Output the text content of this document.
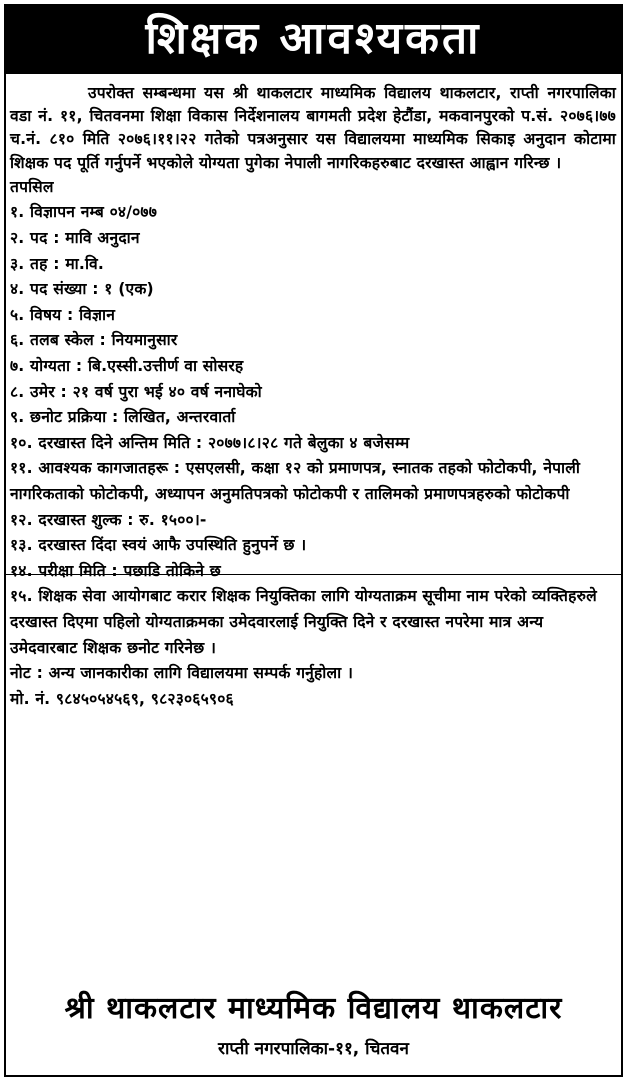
शिक्षक आवश्यकता

उपरोक्त सम्बन्धमा यस श्री थाकलटार माध्यमिक विद्यालय थाकलटार, राप्ती नगरपालिका वडा नं. ११, चितवनमा शिक्षा विकास निर्देशनालय बागमती प्रदेश हेटौंडा, मकवानपुरको प.सं. २०७६।७७ च.नं. ८१० मिति २०७६।११।२२ गतेको पत्रअनुसार यस विद्यालयमा माध्यमिक सिकाइ अनुदान कोटामा शिक्षक पद पूर्ति गर्नुपर्ने भएकोले योग्यता पुगेका नेपाली नागरिकहरुबाट दरखास्त आह्वान गरिन्छ ।

तपसिल

१. विज्ञापन नम्ब ०४/०७७

२. पद : मावि अनुदान

३. तह : मा.वि.

४. पद संख्या : १ (एक)

५. विषय : विज्ञान

६. तलब स्केल : नियमानुसार

७. योग्यता : बि.एस्सी.उत्तीर्ण वा सोसरह

८. उमेर : २१ वर्ष पुरा भई ४० वर्ष ननाघेको

९. छनोट प्रक्रिया : लिखित, अन्तरवार्ता

१०. दरखास्त दिने अन्तिम मिति : २०७७।८।२८ गते बेलुका ४ बजेसम्म

११. आवश्यक कागजातहरू : एसएलसी, कक्षा १२ को प्रमाणपत्र, स्नातक तहको फोटोकपी, नेपाली नागरिकताको फोटोकपी, अध्यापन अनुमतिपत्रको फोटोकपी र तालिमको प्रमाणपत्रहरुको फोटोकपी

१२. दरखास्त शुल्क : रु. १५००।-

१३. दरखास्त दिंदा स्वयं आफै उपस्थिति हुनुपर्ने छ ।

१४. परीक्षा मिति : पछाडि तोकिने छ

१५. शिक्षक सेवा आयोगबाट करार शिक्षक नियुक्तिका लागि योग्यताक्रम सूचीमा नाम परेको व्यक्तिहरुले दरखास्त दिएमा पहिलो योग्यताक्रमका उमेदवारलाई नियुक्ति दिने र दरखास्त नपरेमा मात्र अन्य उमेदवारबाट शिक्षक छनोट गरिनेछ ।

नोट : अन्य जानकारीका लागि विद्यालयमा सम्पर्क गर्नुहोला ।

मो. नं. ९८४५०५४५६९, ९८२३०६५९०६

श्री थाकलटार माध्यमिक विद्यालय थाकलटार
राप्ती नगरपालिका-११, चितवन
